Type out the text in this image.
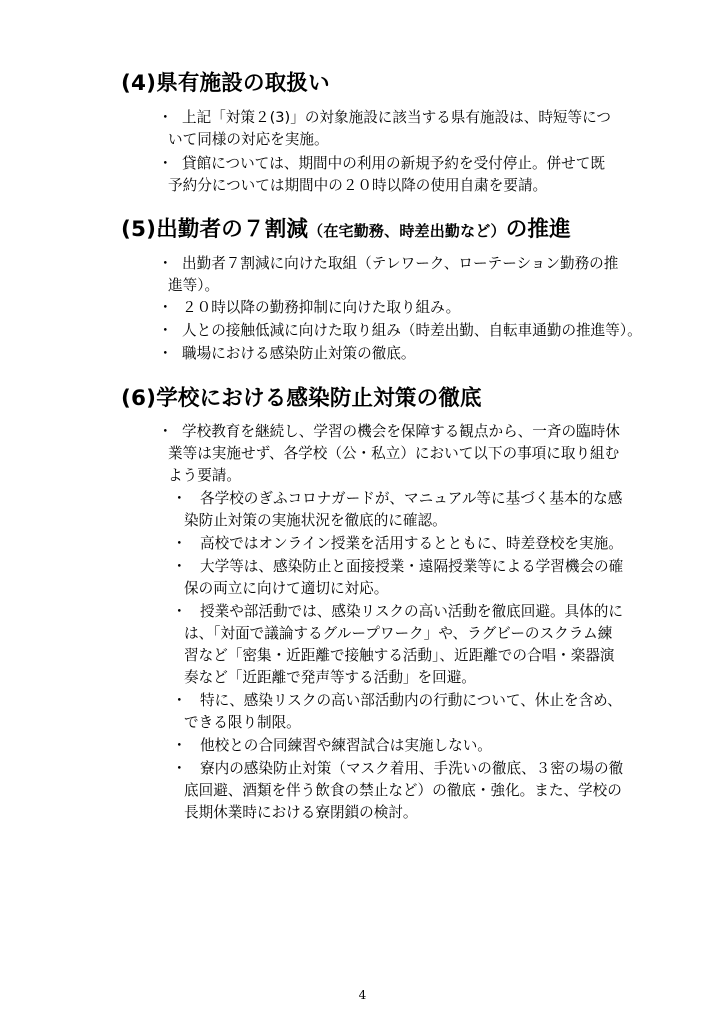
(4)県有施設の取扱い
・ 上記「対策２(3)」の対象施設に該当する県有施設は、時短等につ
いて同様の対応を実施。
・ 貸館については、期間中の利用の新規予約を受付停止。併せて既
予約分については期間中の２０時以降の使用自粛を要請。
(5)出勤者の７割減（在宅勤務、時差出勤など）の推進
・ 出勤者７割減に向けた取組（テレワーク、ローテーション勤務の推
進等）。
・ ２０時以降の勤務抑制に向けた取り組み。
・ 人との接触低減に向けた取り組み（時差出勤、自転車通勤の推進等）。
・ 職場における感染防止対策の徹底。
(6)学校における感染防止対策の徹底
・ 学校教育を継続し、学習の機会を保障する観点から、一斉の臨時休
業等は実施せず、各学校（公・私立）において以下の事項に取り組む
よう要請。
・ 各学校のぎふコロナガードが、マニュアル等に基づく基本的な感
染防止対策の実施状況を徹底的に確認。
・ 高校ではオンライン授業を活用するとともに、時差登校を実施。
・ 大学等は、感染防止と面接授業・遠隔授業等による学習機会の確
保の両立に向けて適切に対応。
・ 授業や部活動では、感染リスクの高い活動を徹底回避。具体的に
は、「対面で議論するグループワーク」や、ラグビーのスクラム練
習など「密集・近距離で接触する活動」、近距離での合唱・楽器演
奏など「近距離で発声等する活動」を回避。
・ 特に、感染リスクの高い部活動内の行動について、休止を含め、
できる限り制限。
・ 他校との合同練習や練習試合は実施しない。
・ 寮内の感染防止対策（マスク着用、手洗いの徹底、３密の場の徹
底回避、酒類を伴う飲食の禁止など）の徹底・強化。また、学校の
長期休業時における寮閉鎖の検討。
4
